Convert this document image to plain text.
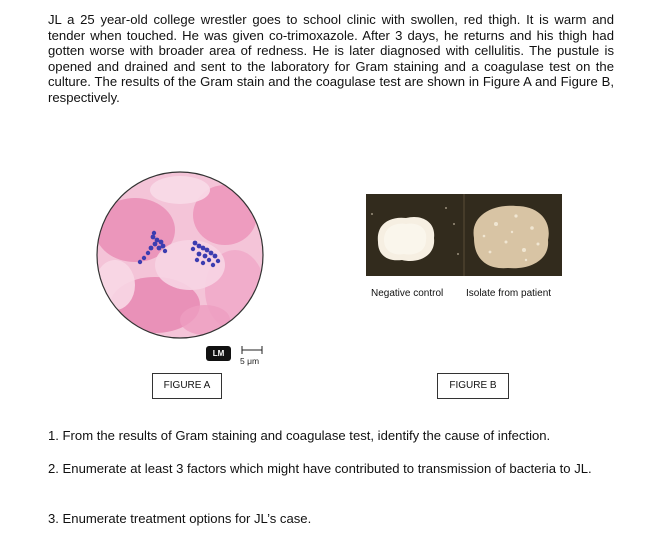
JL a 25 year-old college wrestler goes to school clinic with swollen, red thigh. It is warm and tender when touched. He was given co-trimoxazole. After 3 days, he returns and his thigh had gotten worse with broader area of redness. He is later diagnosed with cellulitis. The pustule is opened and drained and sent to the laboratory for Gram staining and a coagulase test on the culture. The results of the Gram stain and the coagulase test are shown in Figure A and Figure B, respectively.

LM
5 μm
FIGURE A
Negative control Isolate from patient
FIGURE B

1. From the results of Gram staining and coagulase test, identify the cause of infection.

2. Enumerate at least 3 factors which might have contributed to transmission of bacteria to JL.

3. Enumerate treatment options for JL’s case.
